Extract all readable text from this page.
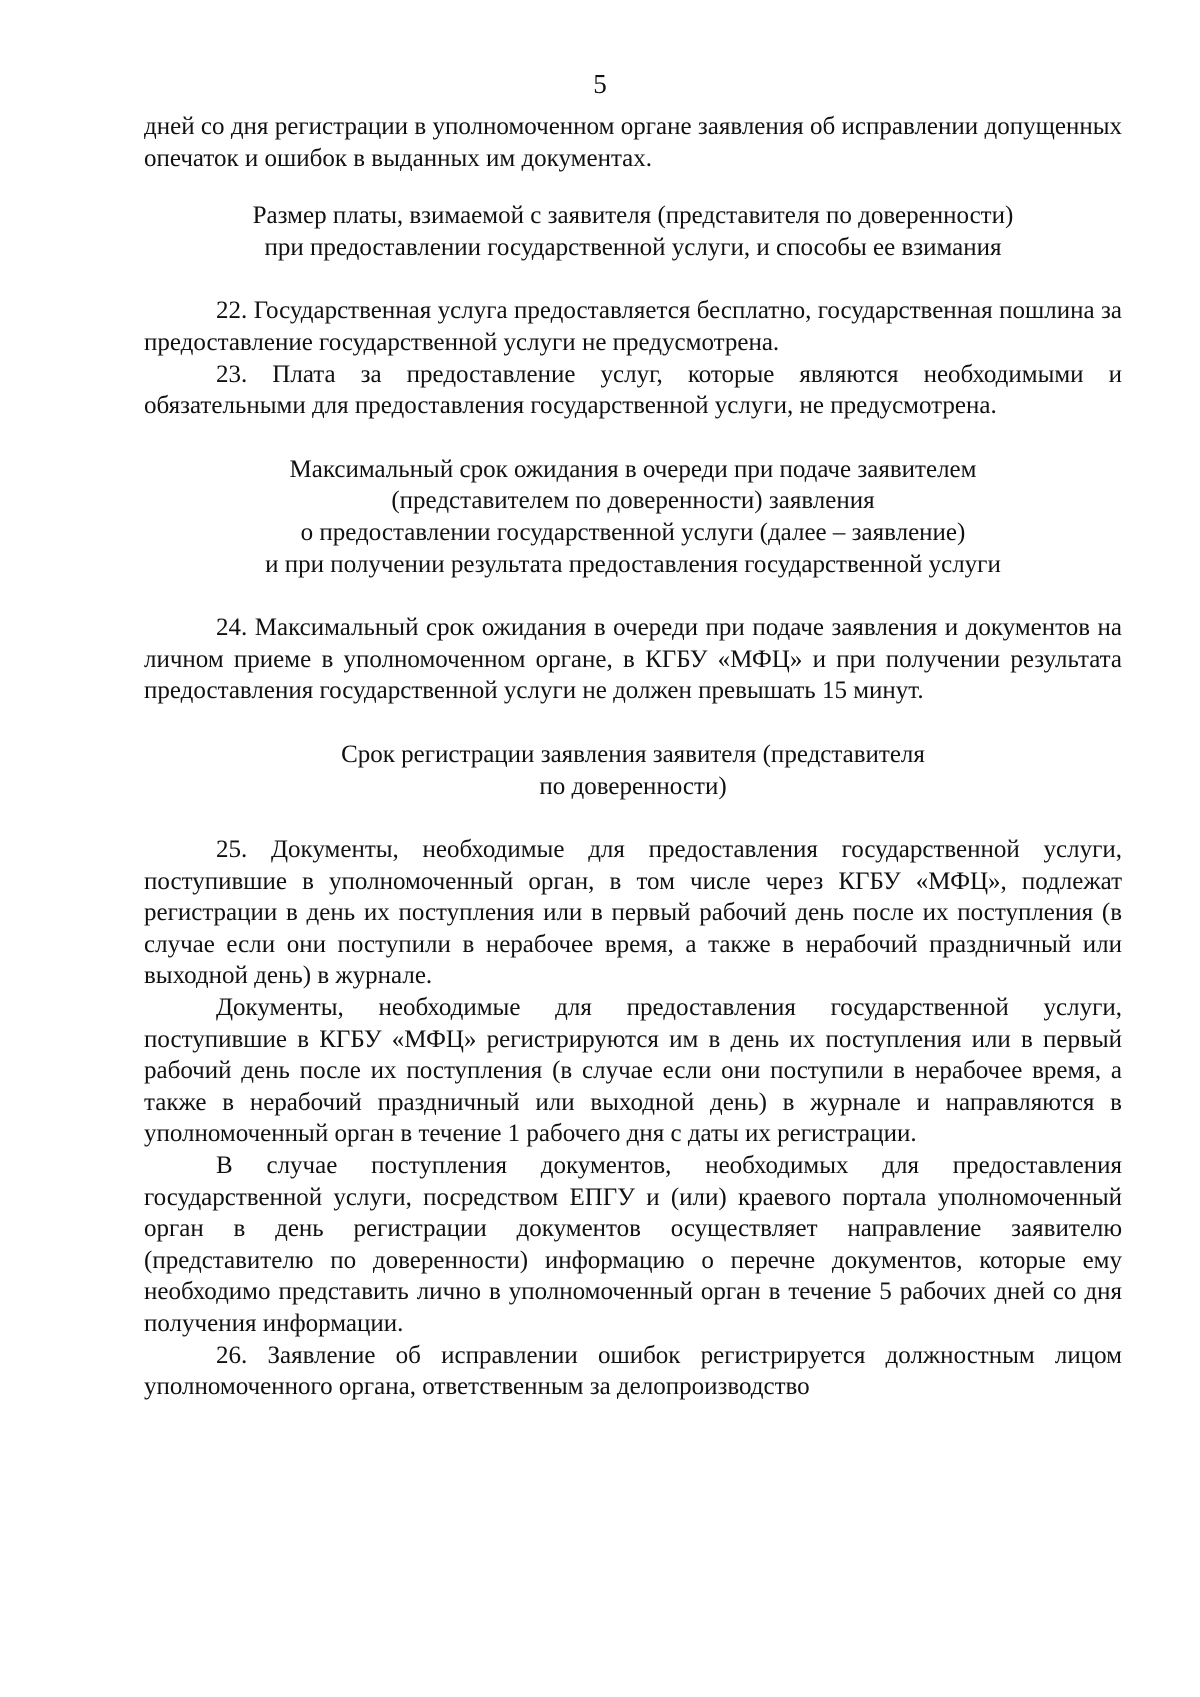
5

дней со дня регистрации в уполномоченном органе заявления об исправлении допущенных опечаток и ошибок в выданных им документах.

Размер платы, взимаемой с заявителя (представителя по доверенности)

при предоставлении государственной услуги, и способы ее взимания

22. Государственная услуга предоставляется бесплатно, государственная пошлина за предоставление государственной услуги не предусмотрена.

23. Плата за предоставление услуг, которые являются необходимыми и обязательными для предоставления государственной услуги, не предусмотрена.

Максимальный срок ожидания в очереди при подаче заявителем

(представителем по доверенности) заявления

о предоставлении государственной услуги (далее – заявление)

и при получении результата предоставления государственной услуги

24. Максимальный срок ожидания в очереди при подаче заявления и документов на личном приеме в уполномоченном органе, в КГБУ «МФЦ» и при получении результата предоставления государственной услуги не должен превышать 15 минут.

Срок регистрации заявления заявителя (представителя

по доверенности)

25. Документы, необходимые для предоставления государственной услуги, поступившие в уполномоченный орган, в том числе через КГБУ «МФЦ», подлежат регистрации в день их поступления или в первый рабочий день после их поступления (в случае если они поступили в нерабочее время, а также в нерабочий праздничный или выходной день) в журнале.

Документы, необходимые для предоставления государственной услуги, поступившие в КГБУ «МФЦ» регистрируются им в день их поступления или в первый рабочий день после их поступления (в случае если они поступили в нерабочее время, а также в нерабочий праздничный или выходной день) в журнале и направляются в уполномоченный орган в течение 1 рабочего дня с даты их регистрации.

В случае поступления документов, необходимых для предоставления государственной услуги, посредством ЕПГУ и (или) краевого портала уполномоченный орган в день регистрации документов осуществляет направление заявителю (представителю по доверенности) информацию о перечне документов, которые ему необходимо представить лично в уполномоченный орган в течение 5 рабочих дней со дня получения информации.

26. Заявление об исправлении ошибок регистрируется должностным лицом уполномоченного органа, ответственным за делопроизводство
